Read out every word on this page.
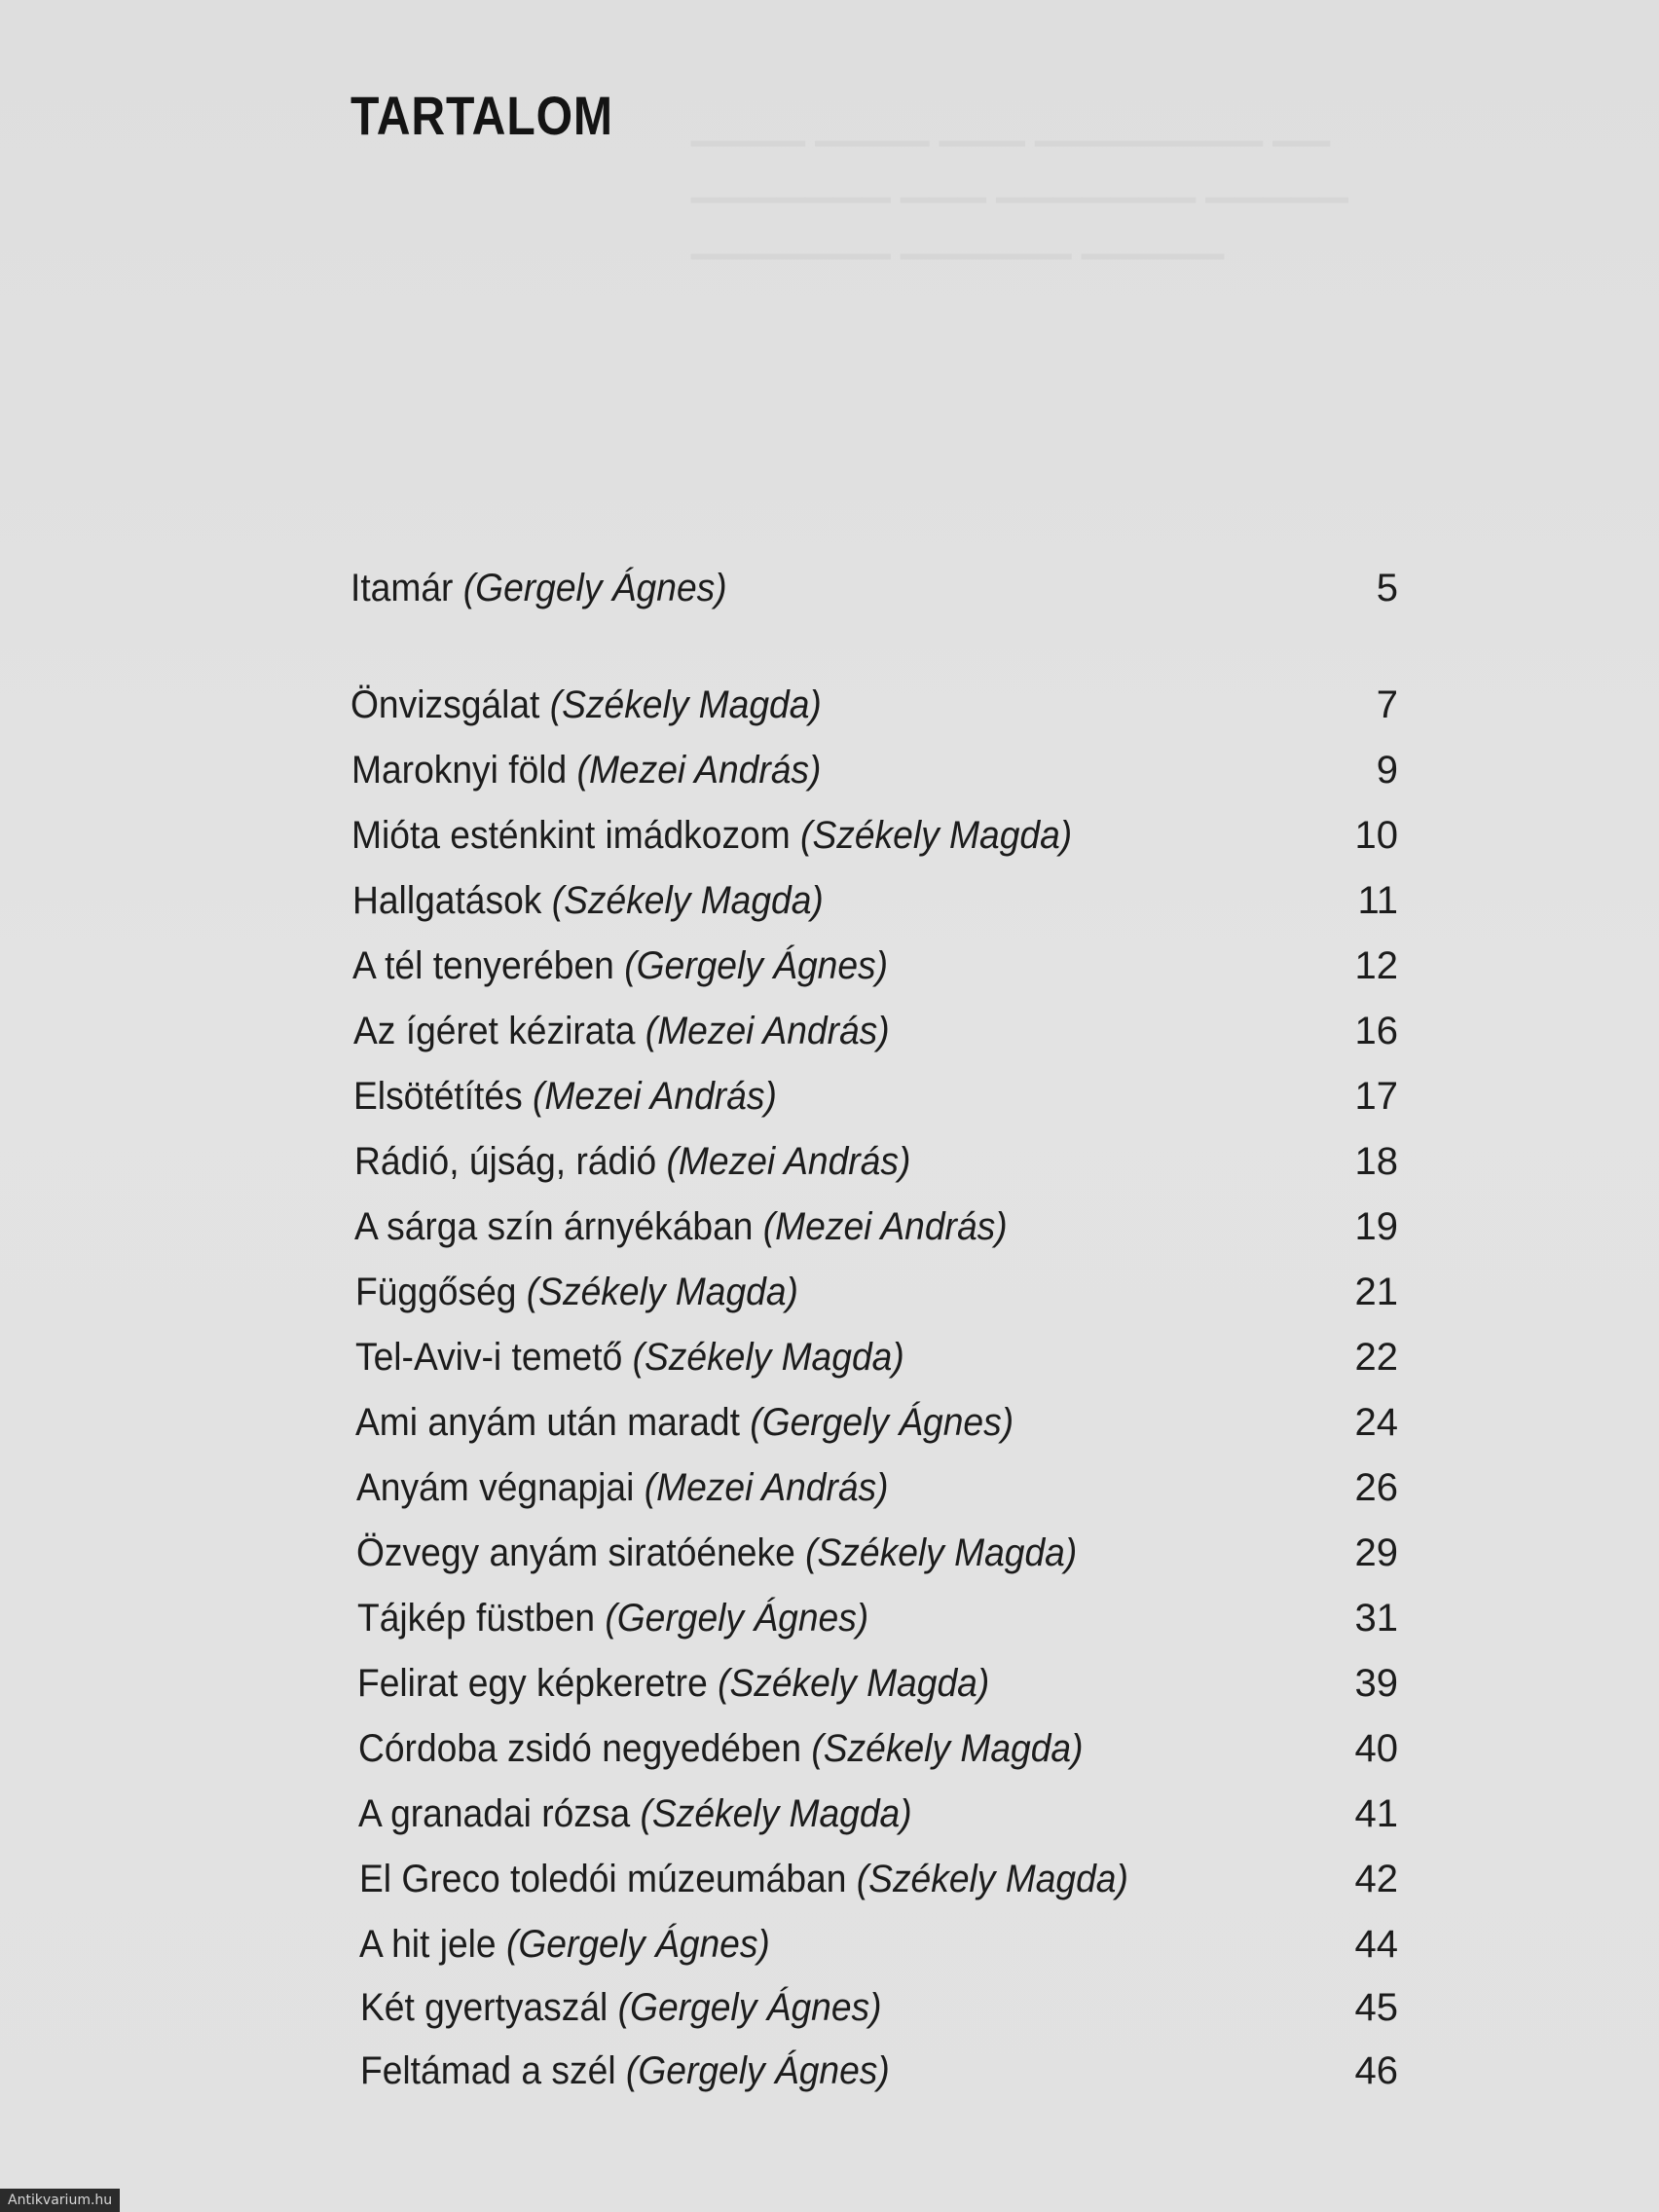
▁▁▁▁ ▁▁▁▁ ▁▁▁ ▁▁▁▁▁▁▁▁ ▁▁
▁▁▁▁▁▁▁ ▁▁▁ ▁▁▁▁▁▁▁ ▁▁▁▁▁
▁▁▁▁▁▁▁ ▁▁▁▁▁▁ ▁▁▁▁▁
TARTALOM
Itamár (Gergely Ágnes)	5
Önvizsgálat (Székely Magda)	7
Maroknyi föld (Mezei András)	9
Mióta esténkint imádkozom (Székely Magda)	10
Hallgatások (Székely Magda)	11
A tél tenyerében (Gergely Ágnes)	12
Az ígéret kézirata (Mezei András)	16
Elsötétítés (Mezei András)	17
Rádió, újság, rádió (Mezei András)	18
A sárga szín árnyékában (Mezei András)	19
Függőség (Székely Magda)	21
Tel-Aviv-i temető (Székely Magda)	22
Ami anyám után maradt (Gergely Ágnes)	24
Anyám végnapjai (Mezei András)	26
Özvegy anyám siratóéneke (Székely Magda)	29
Tájkép füstben (Gergely Ágnes)	31
Felirat egy képkeretre (Székely Magda)	39
Córdoba zsidó negyedében (Székely Magda)	40
A granadai rózsa (Székely Magda)	41
El Greco toledói múzeumában (Székely Magda)	42
A hit jele (Gergely Ágnes)	44
Két gyertyaszál (Gergely Ágnes)	45
Feltámad a szél (Gergely Ágnes)	46
Antikvarium.hu
